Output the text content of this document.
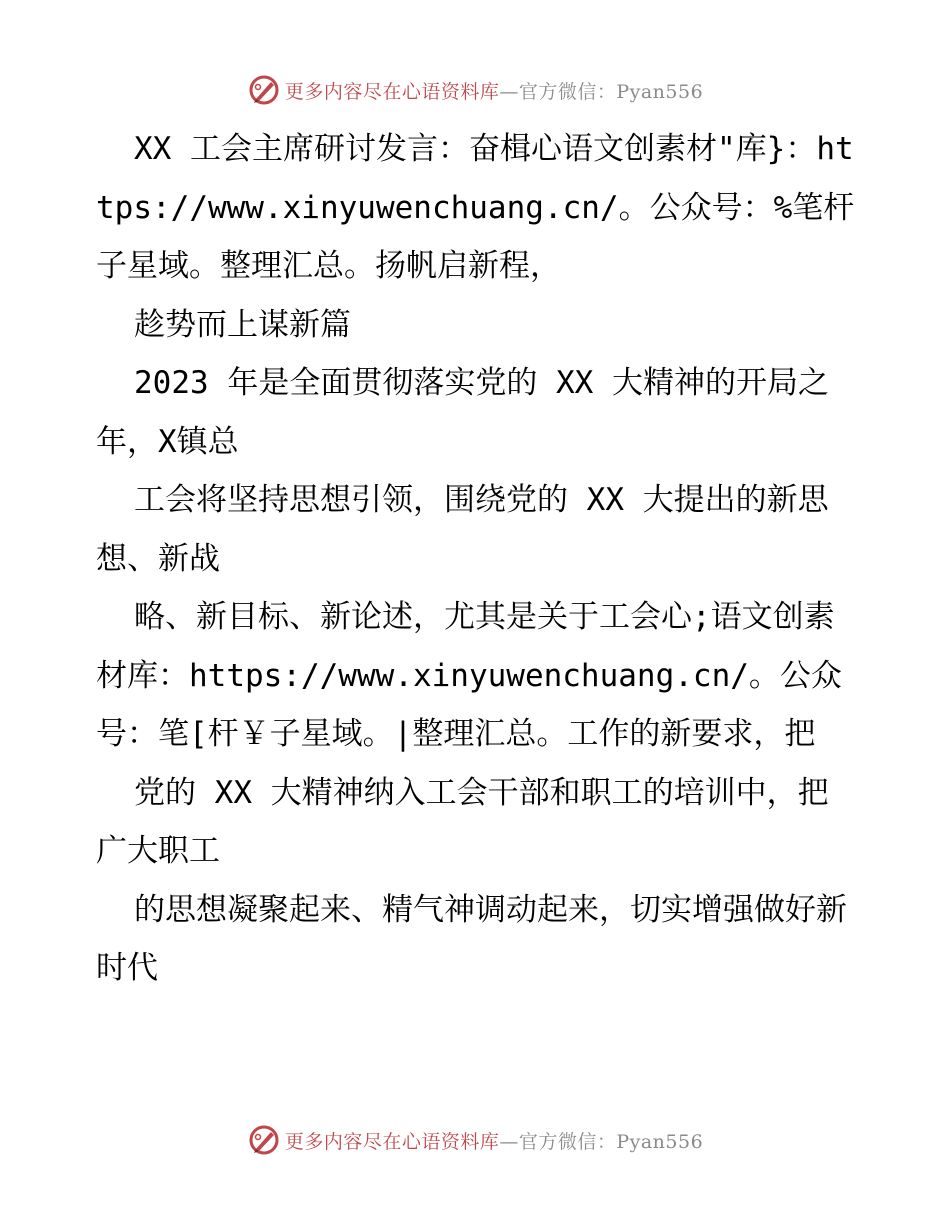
更多内容尽在心语资料库—官方微信：Pyan556

XX 工会主席研讨发言：奋楫心语文创素材"库}：https://www.xinyuwenchuang.cn/。公众号：%笔杆子星域。整理汇总。扬帆启新程，

趁势而上谋新篇

2023 年是全面贯彻落实党的 XX 大精神的开局之年，X镇总

工会将坚持思想引领，围绕党的 XX 大提出的新思想、新战

略、新目标、新论述，尤其是关于工会心;语文创素材库：https://www.xinyuwenchuang.cn/。公众号：笔[杆￥子星域。|整理汇总。工作的新要求，把

党的 XX 大精神纳入工会干部和职工的培训中，把广大职工

的思想凝聚起来、精气神调动起来，切实增强做好新时代

更多内容尽在心语资料库—官方微信：Pyan556
